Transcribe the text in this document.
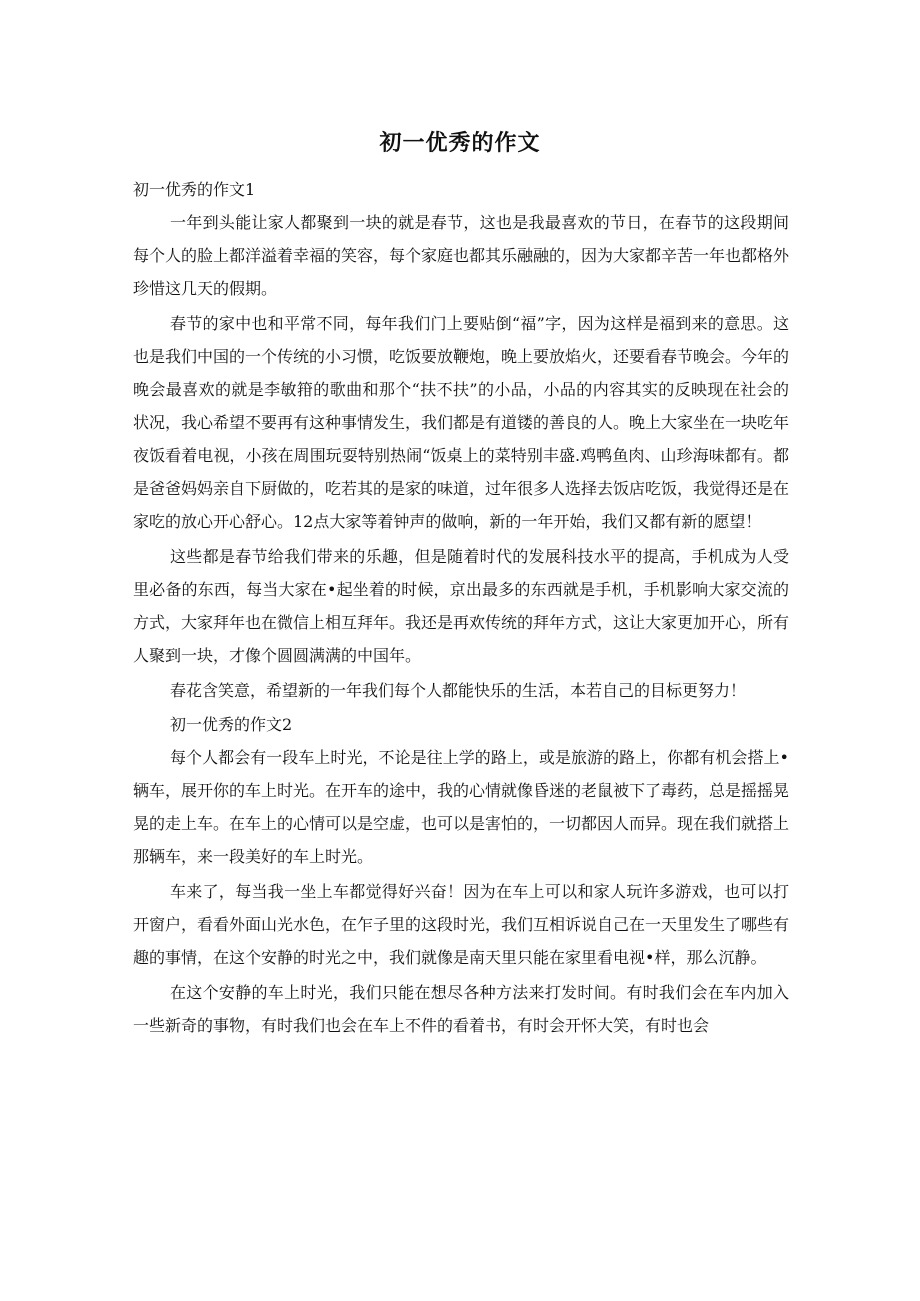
初一优秀的作文

初一优秀的作文1

一年到头能让家人都聚到一块的就是春节，这也是我最喜欢的节日，在春节的这段期间每个人的脸上都洋溢着幸福的笑容，每个家庭也都其乐融融的，因为大家都辛苦一年也都格外珍惜这几天的假期。

春节的家中也和平常不同，每年我们门上要贴倒“福”字，因为这样是福到来的意思。这也是我们中国的一个传统的小习惯，吃饭要放鞭炮，晚上要放焰火，还要看春节晚会。今年的晚会最喜欢的就是李敏箝的歌曲和那个“扶不扶”的小品，小品的内容其实的反映现在社会的状况，我心希望不要再有这种事情发生，我们都是有道镂的善良的人。晚上大家坐在一块吃年夜饭看着电视，小孩在周围玩耍特别热闹“饭桌上的菜特别丰盛.鸡鸭鱼肉、山珍海味都有。都是爸爸妈妈亲自下厨做的，吃若其的是家的味道，过年很多人选择去饭店吃饭，我觉得还是在家吃的放心开心舒心。12点大家等着钟声的做响，新的一年开始，我们又都有新的愿望！

这些都是春节给我们带来的乐趣，但是随着时代的发展科技水平的提高，手机成为人受里必备的东西，每当大家在•起坐着的时候，京出最多的东西就是手机，手机影响大家交流的方式，大家拜年也在微信上相互拜年。我还是再欢传统的拜年方式，这让大家更加开心，所有人聚到一块，才像个圆圆满满的中国年。

春花含笑意，希望新的一年我们每个人都能快乐的生活，本若自己的目标更努力！

初一优秀的作文2

每个人都会有一段车上时光，不论是往上学的路上，或是旅游的路上，你都有机会搭上•辆车，展开你的车上时光。在开车的途中，我的心情就像昏迷的老鼠被下了毒药，总是摇摇晃晃的走上车。在车上的心情可以是空虚，也可以是害怕的，一切都因人而异。现在我们就搭上那辆车，来一段美好的车上时光。

车来了，每当我一坐上车都觉得好兴奋！因为在车上可以和家人玩许多游戏，也可以打开窗户，看看外面山光水色，在乍子里的这段时光，我们互相诉说自己在一天里发生了哪些有趣的事情，在这个安静的时光之中，我们就像是南天里只能在家里看电视•样，那么沉静。

在这个安静的车上时光，我们只能在想尽各种方法来打发时间。有时我们会在车内加入一些新奇的事物，有时我们也会在车上不件的看着书，有时会开怀大笑，有时也会
